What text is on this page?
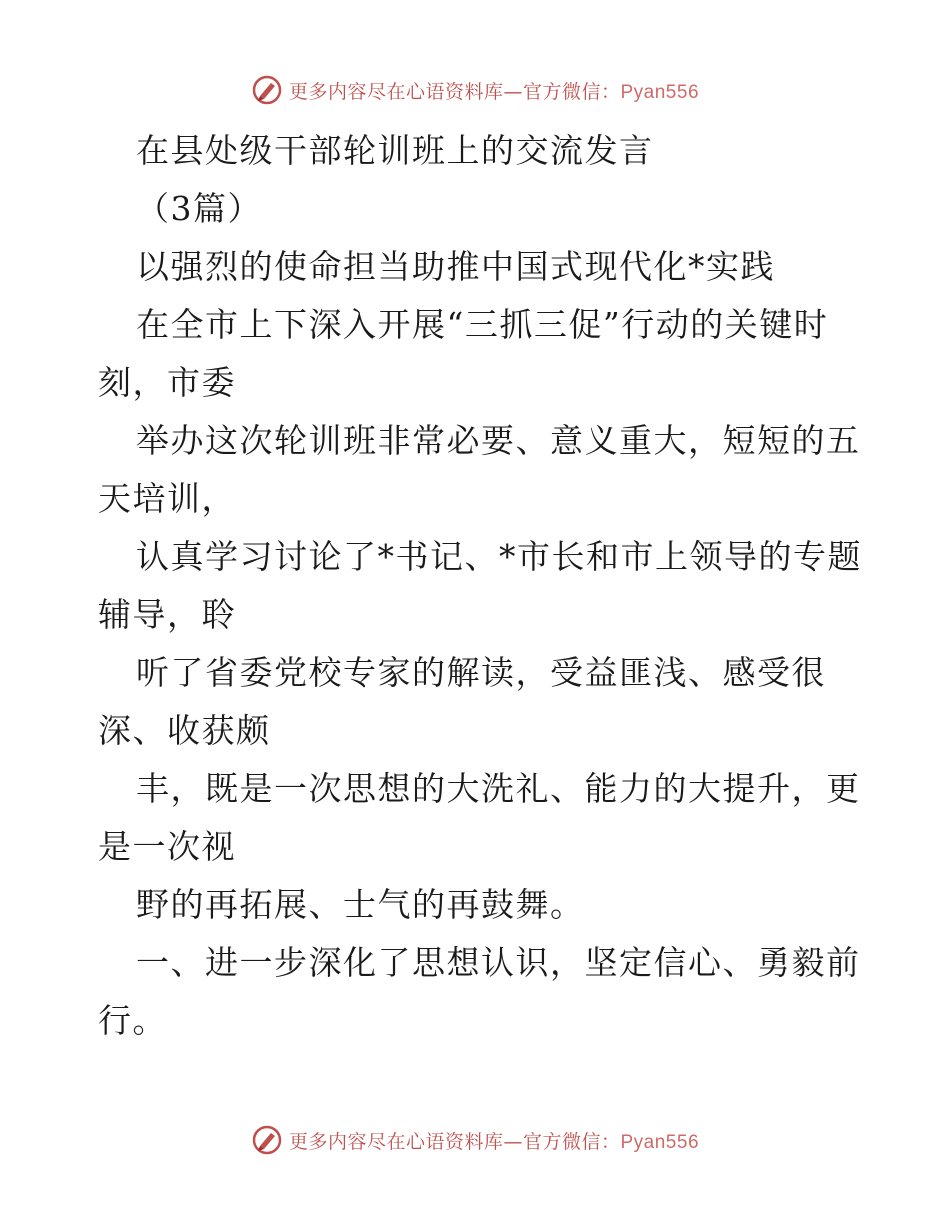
更多内容尽在心语资料库—官方微信：Pyan556
在县处级干部轮训班上的交流发言
（3篇）
以强烈的使命担当助推中国式现代化*实践
在全市上下深入开展“三抓三促”行动的关键时
刻，市委
举办这次轮训班非常必要、意义重大，短短的五
天培训，
认真学习讨论了*书记、*市长和市上领导的专题
辅导，聆
听了省委党校专家的解读，受益匪浅、感受很
深、收获颇
丰，既是一次思想的大洗礼、能力的大提升，更
是一次视
野的再拓展、士气的再鼓舞。
一、进一步深化了思想认识，坚定信心、勇毅前
行。
更多内容尽在心语资料库—官方微信：Pyan556
